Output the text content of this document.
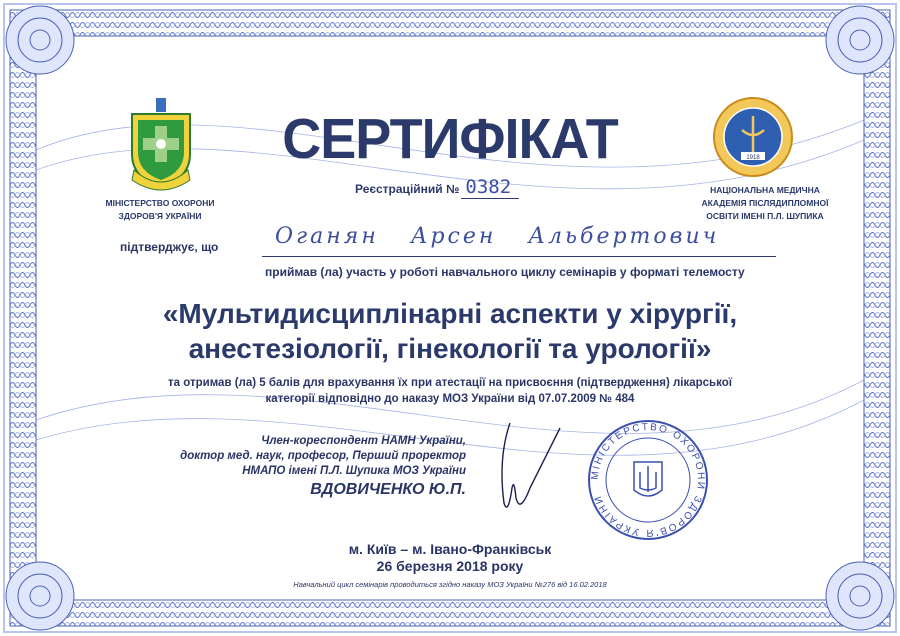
МІНІСТЕРСТВО ОХОРОНИ
ЗДОРОВ'Я УКРАЇНИ
1918
НАЦІОНАЛЬНА МЕДИЧНА
АКАДЕМІЯ ПІСЛЯДИПЛОМНОЇ
ОСВІТИ ІМЕНІ П.Л. ШУПИКА
СЕРТИФІКАТ
Реєстраційний № 0382
підтверджує, що	Оганян Арсен Альбертович
приймав (ла) участь у роботі навчального циклу семінарів у форматі телемосту
«Мультидисциплінарні аспекти у хірургії,
анестезіології, гінекології та урології»
та отримав (ла) 5 балів для врахування їх при атестації на присвоєння (підтвердження) лікарської
категорії відповідно до наказу МОЗ України від 07.07.2009 № 484
Член-кореспондент НАМН України,
доктор мед. наук, професор, Перший проректор
НМАПО імені П.Л. Шупика МОЗ України
ВДОВИЧЕНКО Ю.П.
МІНІСТЕРСТВО ОХОРОНИ ЗДОРОВ'Я УКРАЇНИ
м. Київ – м. Івано-Франківськ
26 березня 2018 року
Навчальний цикл семінарів проводиться згідно наказу МОЗ України №276 від 16.02.2018
